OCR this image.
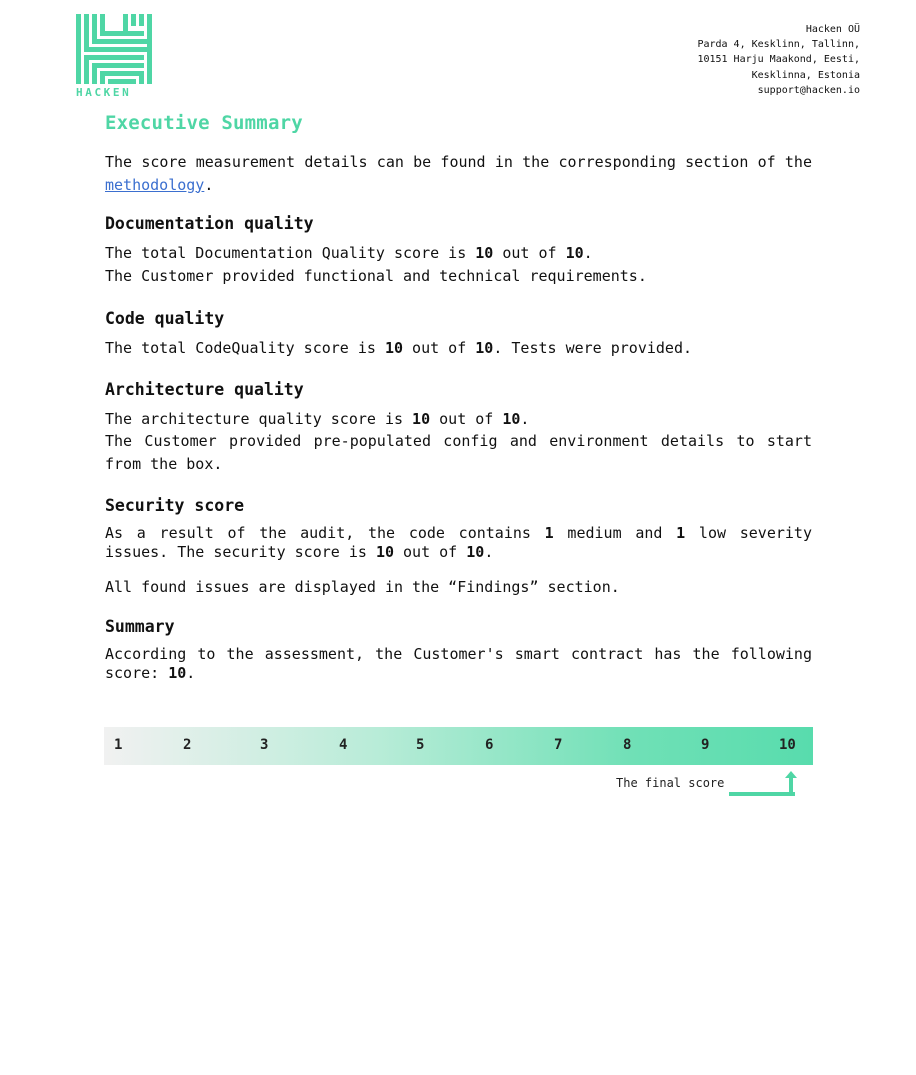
HACKEN
Hacken OÜ
Parda 4, Kesklinn, Tallinn,
10151 Harju Maakond, Eesti,
Kesklinna, Estonia
support@hacken.io
Executive Summary

The score measurement details can be found in the corresponding section of the methodology.

Documentation quality

The total Documentation Quality score is 10 out of 10.

The Customer provided functional and technical requirements.

Code quality

The total CodeQuality score is 10 out of 10. Tests were provided.

Architecture quality

The architecture quality score is 10 out of 10.

The Customer provided pre-populated config and environment details to start from the box.

Security score

As a result of the audit, the code contains 1 medium and 1 low severity issues. The security score is 10 out of 10.

All found issues are displayed in the “Findings” section.

Summary

According to the assessment, the Customer's smart contract has the following score: 10.

1	2	3	4	5	6	7	8	9	10
The final score
